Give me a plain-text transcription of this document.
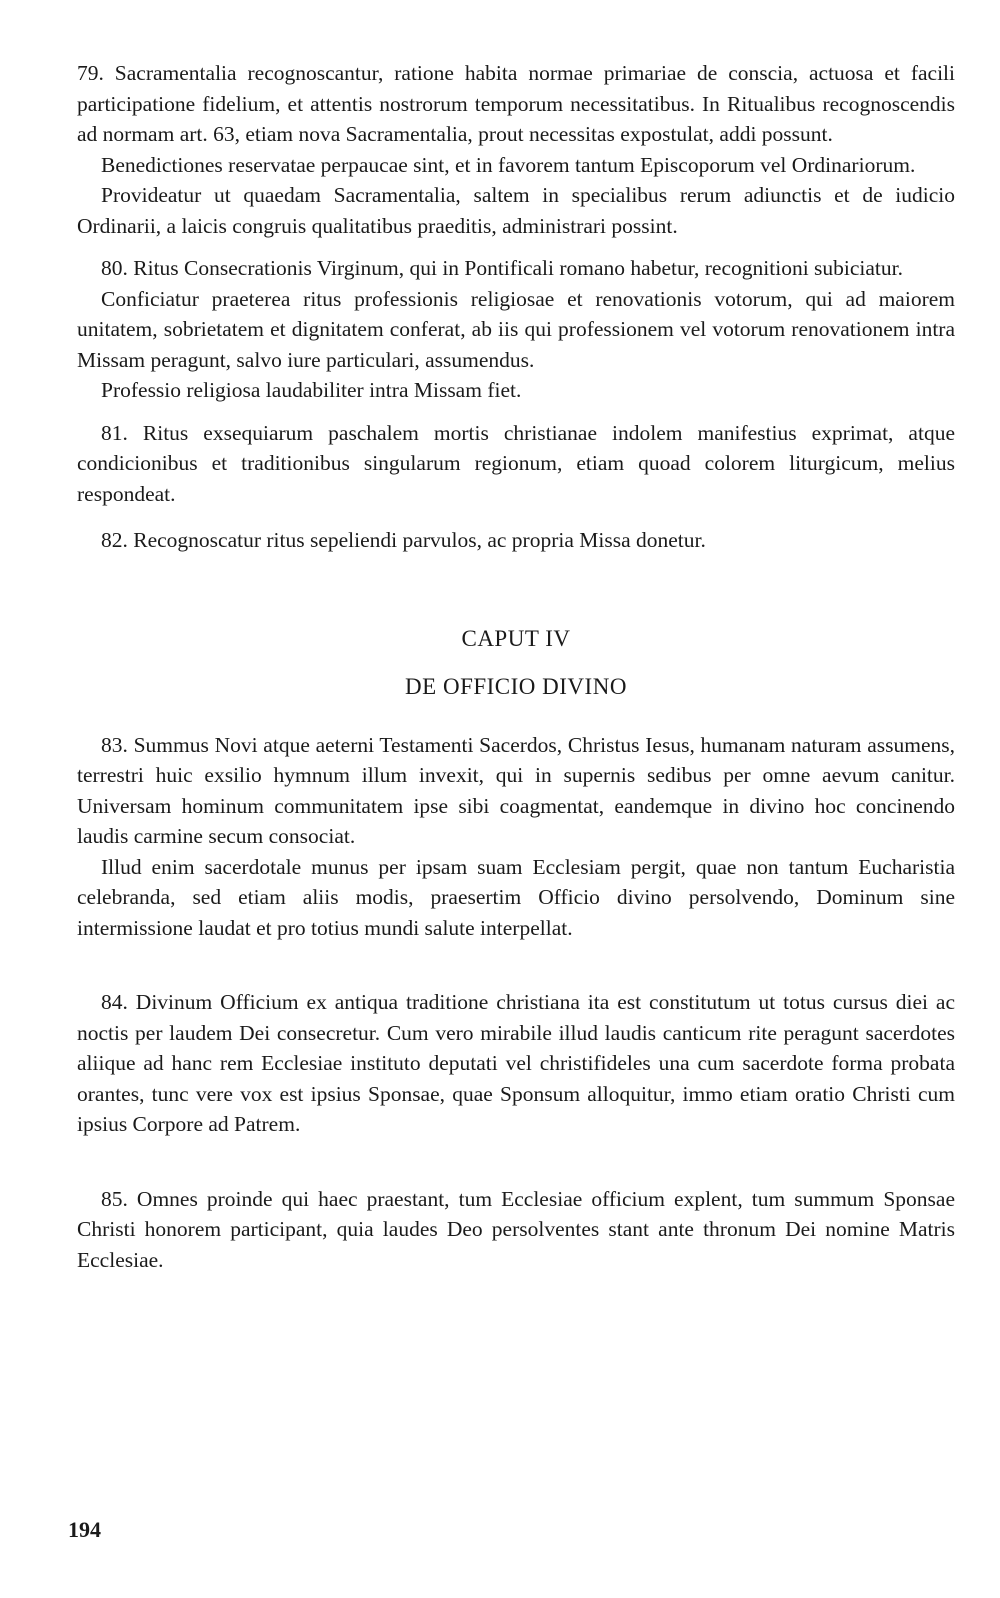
79. Sacramentalia recognoscantur, ratione habita normae primariae de conscia, actuosa et facili participatione fidelium, et attentis nostrorum temporum necessitatibus. In Ritualibus recognoscendis ad normam art. 63, etiam nova Sacramentalia, prout necessitas expostulat, addi possunt.

Benedictiones reservatae perpaucae sint, et in favorem tantum Episcoporum vel Ordinariorum.

Provideatur ut quaedam Sacramentalia, saltem in specialibus rerum adiunctis et de iudicio Ordinarii, a laicis congruis qualitatibus praeditis, administrari possint.

80. Ritus Consecrationis Virginum, qui in Pontificali romano habetur, recognitioni subiciatur.

Conficiatur praeterea ritus professionis religiosae et renovationis votorum, qui ad maiorem unitatem, sobrietatem et dignitatem conferat, ab iis qui professionem vel votorum renovationem intra Missam peragunt, salvo iure particulari, assumendus.

Professio religiosa laudabiliter intra Missam fiet.

81. Ritus exsequiarum paschalem mortis christianae indolem manifestius exprimat, atque condicionibus et traditionibus singularum regionum, etiam quoad colorem liturgicum, melius respondeat.

82. Recognoscatur ritus sepeliendi parvulos, ac propria Missa donetur.

CAPUT IV

DE OFFICIO DIVINO

83. Summus Novi atque aeterni Testamenti Sacerdos, Christus Iesus, humanam naturam assumens, terrestri huic exsilio hymnum illum invexit, qui in supernis sedibus per omne aevum canitur. Universam hominum communitatem ipse sibi coagmentat, eandemque in divino hoc concinendo laudis carmine secum consociat.

Illud enim sacerdotale munus per ipsam suam Ecclesiam pergit, quae non tantum Eucharistia celebranda, sed etiam aliis modis, praesertim Officio divino persolvendo, Dominum sine intermissione laudat et pro totius mundi salute interpellat.

84. Divinum Officium ex antiqua traditione christiana ita est constitutum ut totus cursus diei ac noctis per laudem Dei consecretur. Cum vero mirabile illud laudis canticum rite peragunt sacerdotes aliique ad hanc rem Ecclesiae instituto deputati vel christifideles una cum sacerdote forma probata orantes, tunc vere vox est ipsius Sponsae, quae Sponsum alloquitur, immo etiam oratio Christi cum ipsius Corpore ad Patrem.

85. Omnes proinde qui haec praestant, tum Ecclesiae officium explent, tum summum Sponsae Christi honorem participant, quia laudes Deo persolventes stant ante thronum Dei nomine Matris Ecclesiae.

194
